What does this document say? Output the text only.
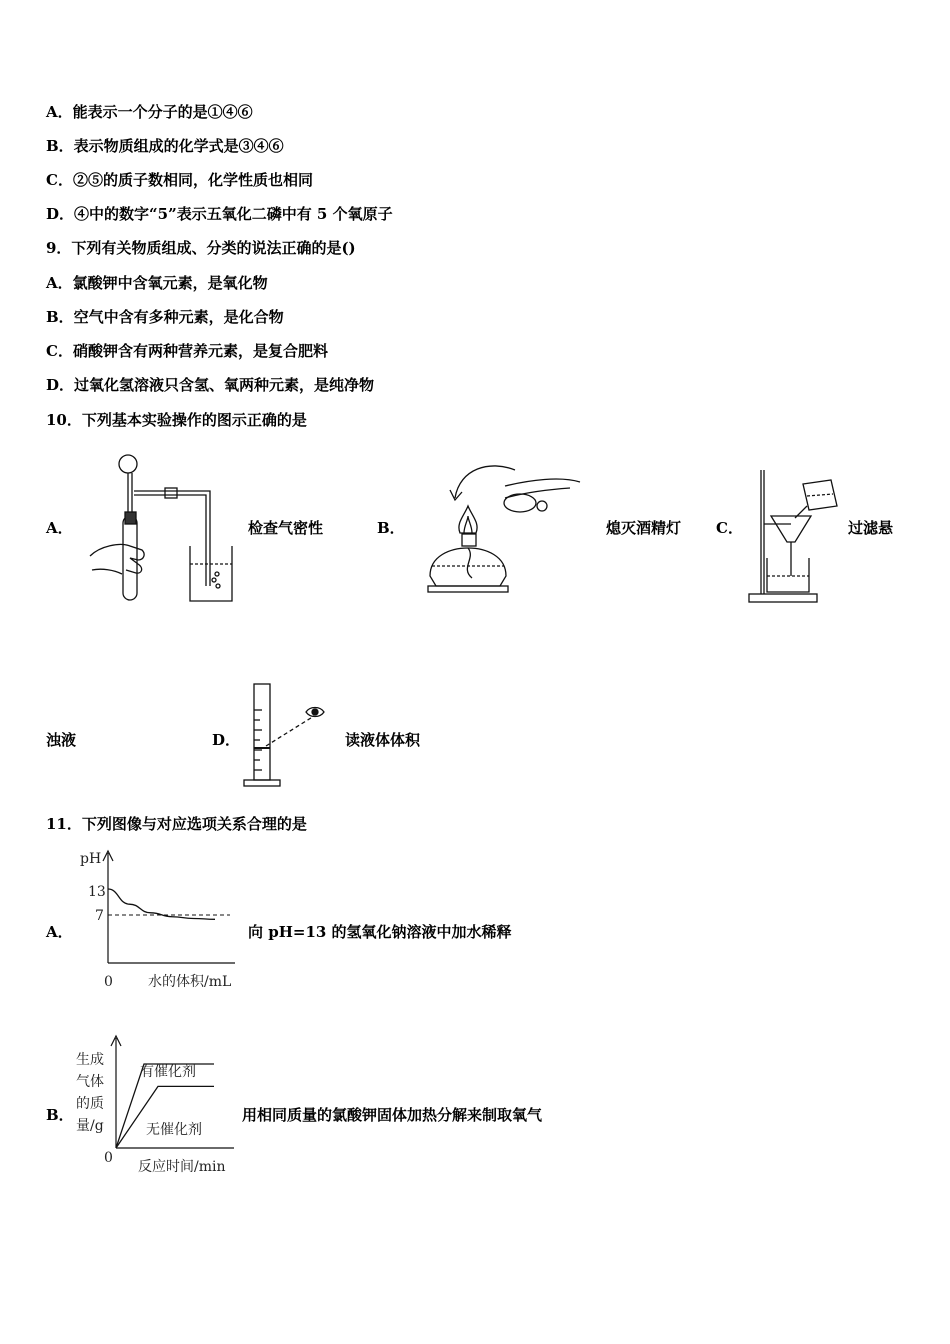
A．能表示一个分子的是①④⑥
B．表示物质组成的化学式是③④⑥
C．②⑤的质子数相同，化学性质也相同
D．④中的数字“5”表示五氧化二磷中有 5 个氧原子
9．下列有关物质组成、分类的说法正确的是()
A．氯酸钾中含氧元素，是氧化物
B．空气中含有多种元素，是化合物
C．硝酸钾含有两种营养元素，是复合肥料
D．过氧化氢溶液只含氢、氧两种元素，是纯净物
10．下列基本实验操作的图示正确的是
A．	检查气密性	B．	熄灭酒精灯 C．	过滤悬
浊液	D．	读液体体积
11．下列图像与对应选项关系合理的是
A．
pH
13
7
0	水的体积/mL
向 pH=13 的氢氧化钠溶液中加水稀释
B．
生成
气体
的质
量/g
0
反应时间/min
有催化剂
无催化剂
用相同质量的氯酸钾固体加热分解来制取氧气
